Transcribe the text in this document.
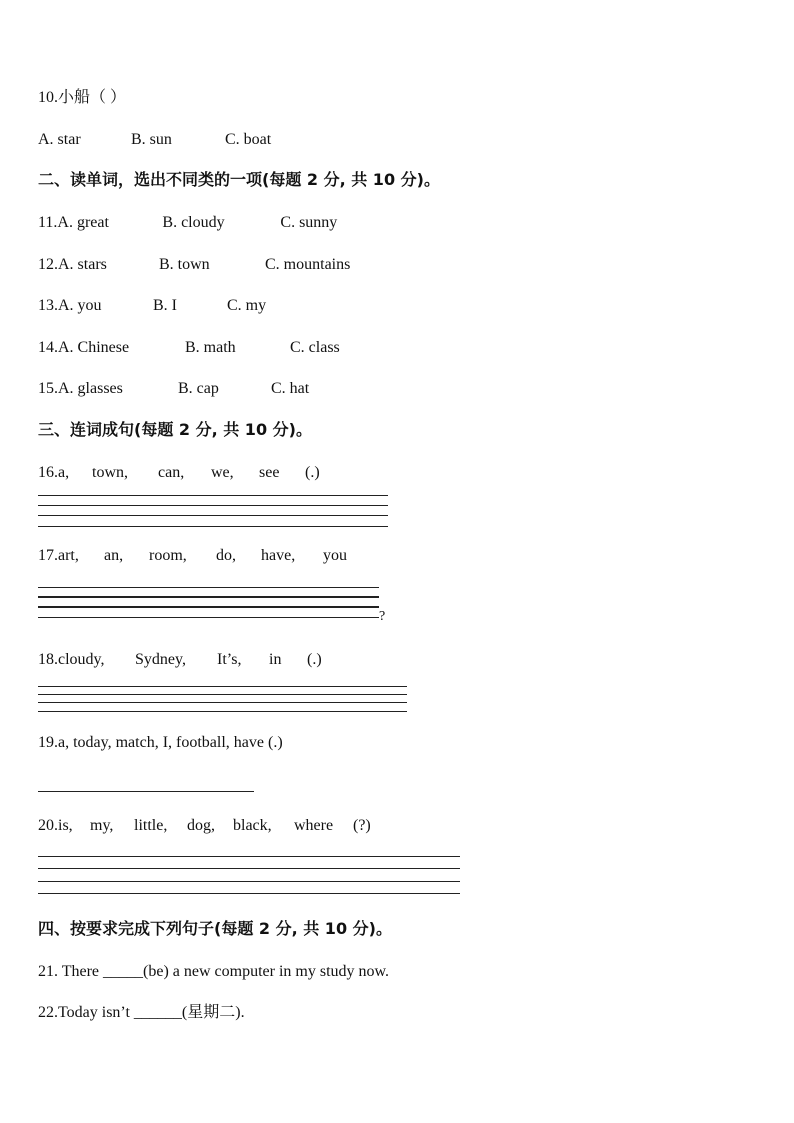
10.小船（ ）
A. star	B. sun	C. boat
二、读单词，选出不同类的一项(每题 2 分, 共 10 分)。
11.A. great	B. cloudy	C. sunny
12.A. stars	B. town	C. mountains
13.A. you	B. I	C. my
14.A. Chinese	B. math	C. class
15.A. glasses	B. cap	C. hat
三、连词成句(每题 2 分, 共 10 分)。
16.a, town, can, we, see (.)
17.art, an, room, do, have, you
?
18.cloudy, Sydney, It’s, in (.)
19.a, today, match, I, football, have (.)
20.is, my, little, dog, black, where (?)
四、按要求完成下列句子(每题 2 分, 共 10 分)。
21. There _____(be) a new computer in my study now.
22.Today isn’t ______(星期二).
